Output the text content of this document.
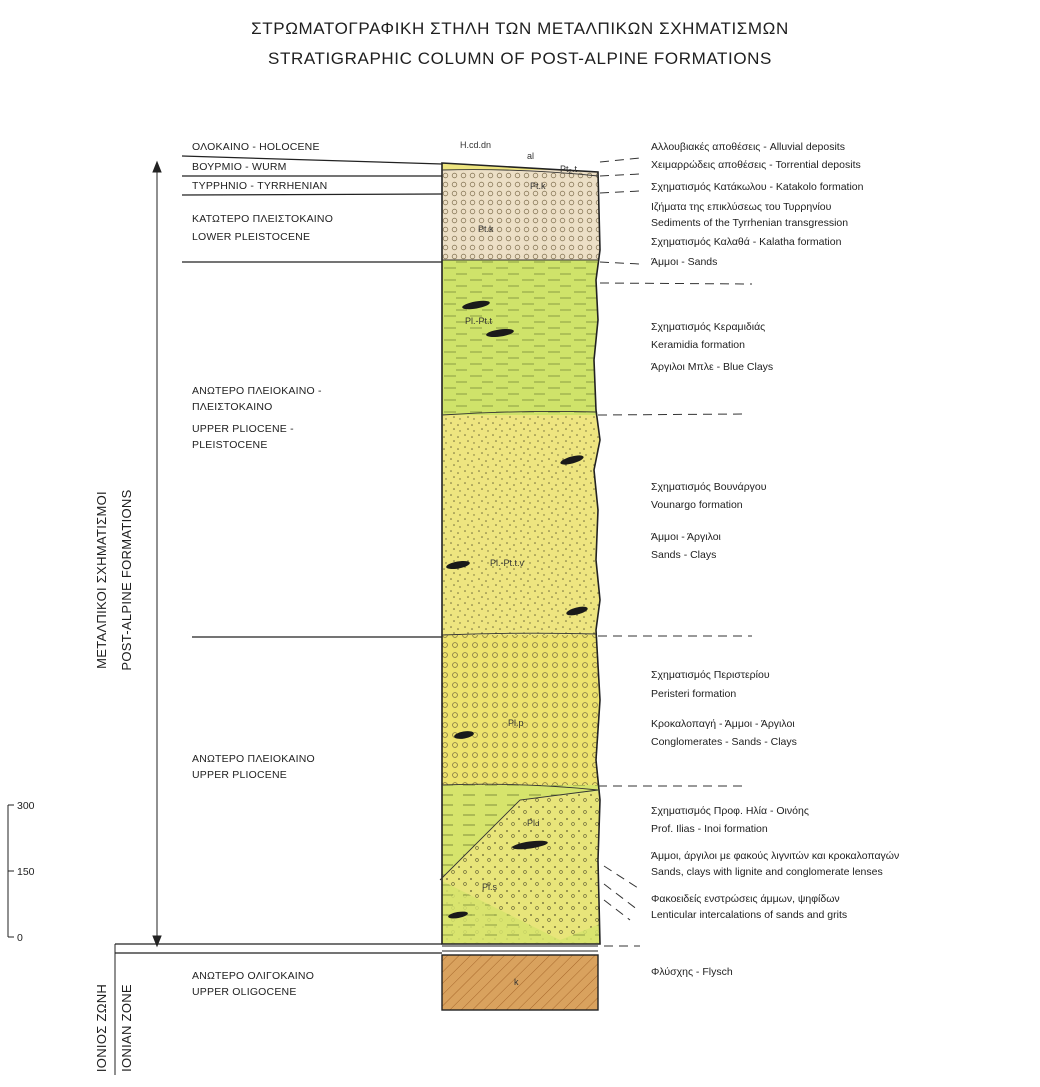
ΣΤΡΩΜΑΤΟΓΡΑΦΙΚΗ ΣΤΗΛΗ ΤΩΝ ΜΕΤΑΛΠΙΚΩΝ ΣΧΗΜΑΤΙΣΜΩΝ
STRATIGRAPHIC COLUMN OF POST-ALPINE FORMATIONS
H.cd.dn
al
Pt₂.t
Pt.k
Pt.k
Pl.-Pt.t
Pl.-Pt.t.v
Pl.p
Pl.i
Pl.s
k
ΟΛΟΚΑΙΝΟ - HOLOCENE
ΒΟΥΡΜΙΟ - WURM
ΤΥΡΡΗΝΙΟ - TYRRHENIAN
ΚΑΤΩΤΕΡΟ ΠΛΕΙΣΤΟΚΑΙΝΟ
LOWER PLEISTOCENE
ΑΝΩΤΕΡΟ ΠΛΕΙΟΚΑΙΝΟ -
ΠΛΕΙΣΤΟΚΑΙΝΟ
UPPER PLIOCENE -
PLEISTOCENE
ΑΝΩΤΕΡΟ ΠΛΕΙΟΚΑΙΝΟ
UPPER PLIOCENE
ΑΝΩΤΕΡΟ ΟΛΙΓΟΚΑΙΝΟ
UPPER OLIGOCENE
ΜΕΤΑΛΠΙΚΟΙ ΣΧΗΜΑΤΙΣΜΟΙ POST-ALPINE FORMATIONS
ΙΟΝΙΟΣ ΖΩΝΗ IONIAN ZONE
300
150
0
Αλλουβιακές αποθέσεις - Alluvial deposits
Χειμαρρώδεις αποθέσεις - Torrential deposits
Σχηματισμός Κατάκωλου - Katakolo formation
Ιζήματα της επικλύσεως του Τυρρηνίου
Sediments of the Tyrrhenian transgression
Σχηματισμός Καλαθά - Kalatha formation
Άμμοι - Sands
Σχηματισμός Κεραμιδιάς
Keramidia formation
Άργιλοι Μπλε - Blue Clays
Σχηματισμός Βουνάργου
Vounargo formation
Άμμοι - Άργιλοι
Sands - Clays
Σχηματισμός Περιστερίου
Peristeri formation
Κροκαλοπαγή - Άμμοι - Άργιλοι
Conglomerates - Sands - Clays
Σχηματισμός Προφ. Ηλία - Οινόης
Prof. Ilias - Inoi formation
Άμμοι, άργιλοι με φακούς λιγνιτών και κροκαλοπαγών
Sands, clays with lignite and conglomerate lenses
Φακοειδείς ενστρώσεις άμμων, ψηφίδων
Lenticular intercalations of sands and grits
Φλύσχης - Flysch
